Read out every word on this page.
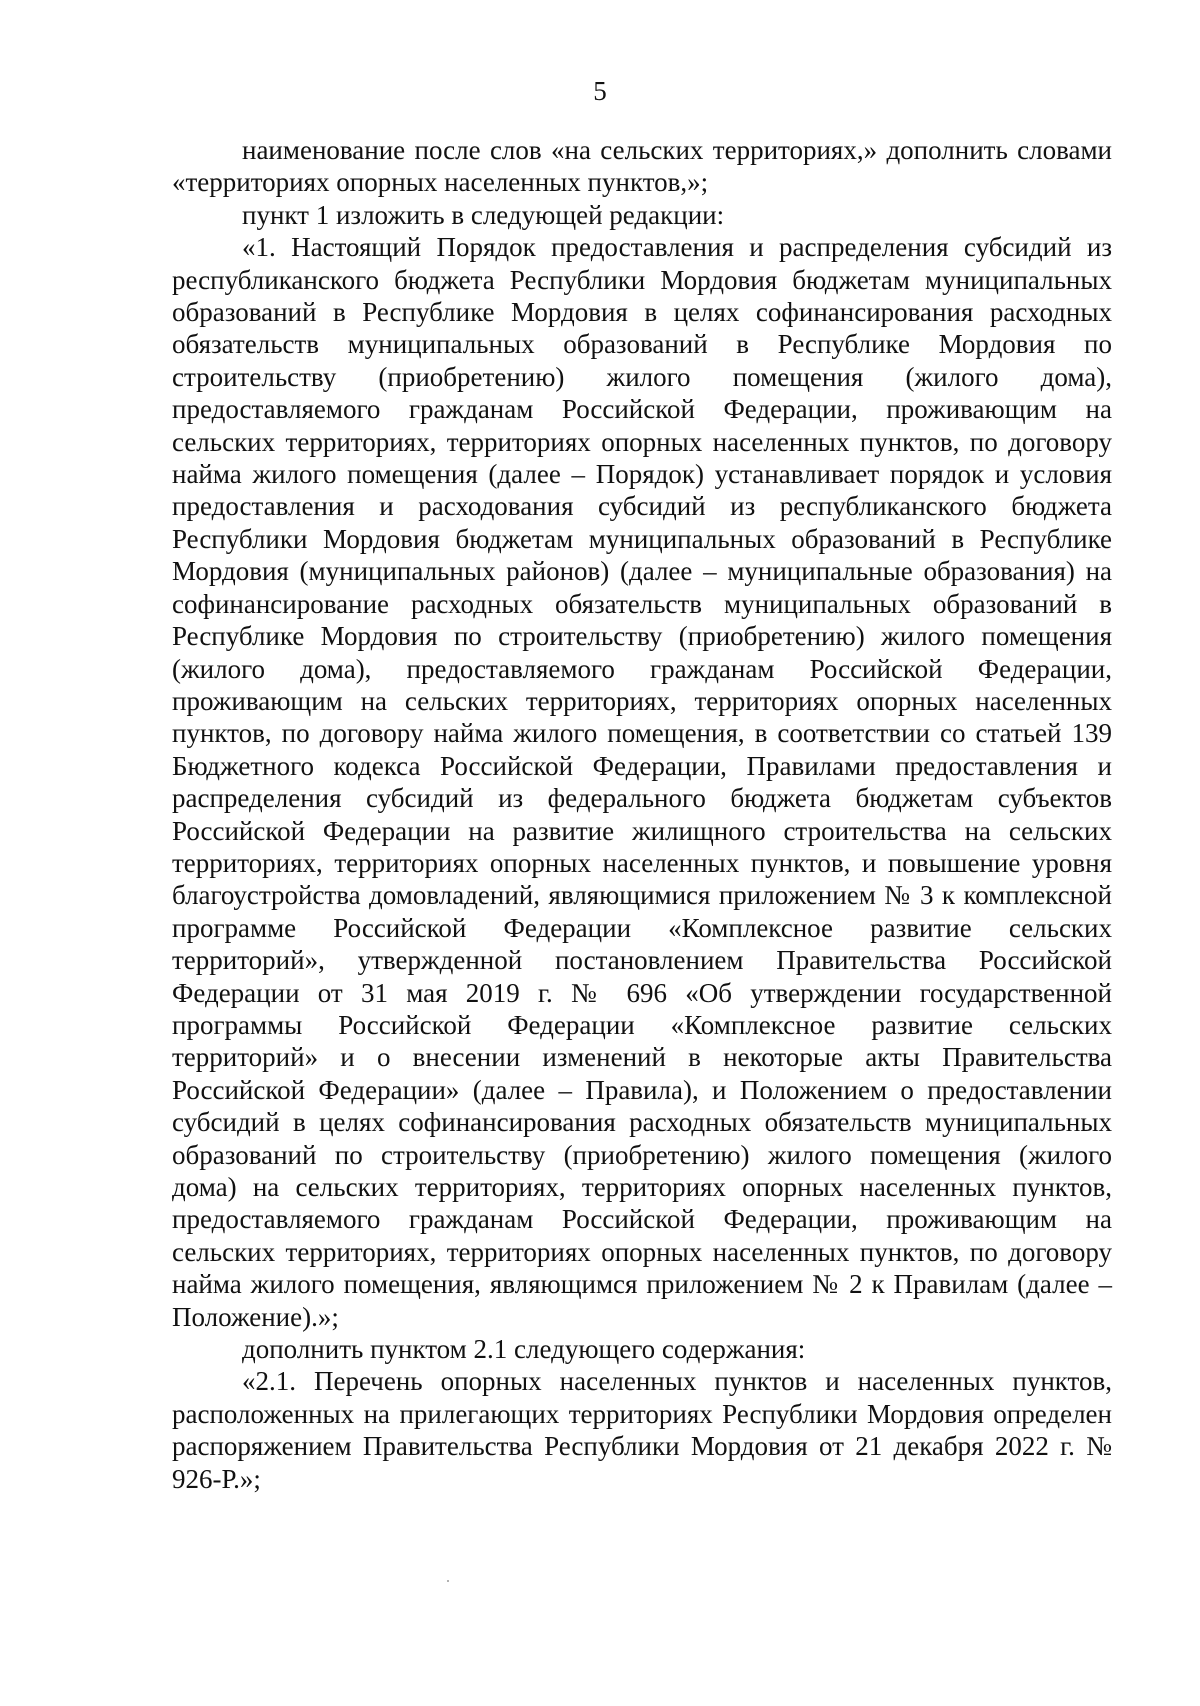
5

наименование после слов «на сельских территориях,» дополнить словами «территориях опорных населенных пунктов,»;

пункт 1 изложить в следующей редакции:

«1. Настоящий Порядок предоставления и распределения субсидий из республиканского бюджета Республики Мордовия бюджетам муниципальных образований в Республике Мордовия в целях софинансирования расходных обязательств муниципальных образований в Республике Мордовия по строительству (приобретению) жилого помещения (жилого дома), предоставляемого гражданам Российской Федерации, проживающим на сельских территориях, территориях опорных населенных пунктов, по договору найма жилого помещения (далее – Порядок) устанавливает порядок и условия предоставления и расходования субсидий из республиканского бюджета Республики Мордовия бюджетам муниципальных образований в Республике Мордовия (муниципальных районов) (далее – муниципальные образования) на софинансирование расходных обязательств муниципальных образований в Республике Мордовия по строительству (приобретению) жилого помещения (жилого дома), предоставляемого гражданам Российской Федерации, проживающим на сельских территориях, территориях опорных населенных пунктов, по договору найма жилого помещения, в соответствии со статьей 139 Бюджетного кодекса Российской Федерации, Правилами предоставления и распределения субсидий из федерального бюджета бюджетам субъектов Российской Федерации на развитие жилищного строительства на сельских территориях, территориях опорных населенных пунктов, и повышение уровня благоустройства домовладений, являющимися приложением № 3 к комплексной программе Российской Федерации «Комплексное развитие сельских территорий», утвержденной постановлением Правительства Российской Федерации от 31 мая 2019 г. № 696 «Об утверждении государственной программы Российской Федерации «Комплексное развитие сельских территорий» и о внесении изменений в некоторые акты Правительства Российской Федерации» (далее – Правила), и Положением о предоставлении субсидий в целях софинансирования расходных обязательств муниципальных образований по строительству (приобретению) жилого помещения (жилого дома) на сельских территориях, территориях опорных населенных пунктов, предоставляемого гражданам Российской Федерации, проживающим на сельских территориях, территориях опорных населенных пунктов, по договору найма жилого помещения, являющимся приложением № 2 к Правилам (далее – Положение).»;

дополнить пунктом 2.1 следующего содержания:

«2.1. Перечень опорных населенных пунктов и населенных пунктов, расположенных на прилегающих территориях Республики Мордовия определен распоряжением Правительства Республики Мордовия от 21 декабря 2022 г. № 926-Р.»;
